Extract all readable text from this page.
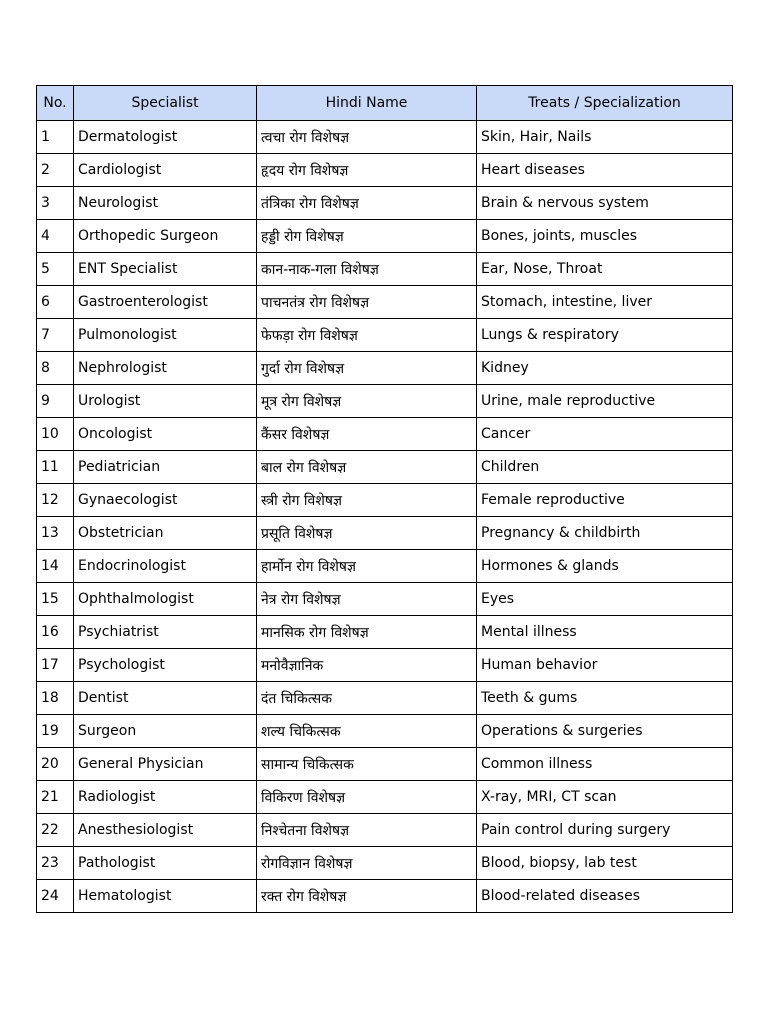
No.	Specialist	Hindi Name	Treats / Specialization
1	Dermatologist	त्वचा रोग विशेषज्ञ	Skin, Hair, Nails
2	Cardiologist	हृदय रोग विशेषज्ञ	Heart diseases
3	Neurologist	तंत्रिका रोग विशेषज्ञ	Brain & nervous system
4	Orthopedic Surgeon	हड्डी रोग विशेषज्ञ	Bones, joints, muscles
5	ENT Specialist	कान-नाक-गला विशेषज्ञ	Ear, Nose, Throat
6	Gastroenterologist	पाचनतंत्र रोग विशेषज्ञ	Stomach, intestine, liver
7	Pulmonologist	फेफड़ा रोग विशेषज्ञ	Lungs & respiratory
8	Nephrologist	गुर्दा रोग विशेषज्ञ	Kidney
9	Urologist	मूत्र रोग विशेषज्ञ	Urine, male reproductive
10	Oncologist	कैंसर विशेषज्ञ	Cancer
11	Pediatrician	बाल रोग विशेषज्ञ	Children
12	Gynaecologist	स्त्री रोग विशेषज्ञ	Female reproductive
13	Obstetrician	प्रसूति विशेषज्ञ	Pregnancy & childbirth
14	Endocrinologist	हार्मोन रोग विशेषज्ञ	Hormones & glands
15	Ophthalmologist	नेत्र रोग विशेषज्ञ	Eyes
16	Psychiatrist	मानसिक रोग विशेषज्ञ	Mental illness
17	Psychologist	मनोवैज्ञानिक	Human behavior
18	Dentist	दंत चिकित्सक	Teeth & gums
19	Surgeon	शल्य चिकित्सक	Operations & surgeries
20	General Physician	सामान्य चिकित्सक	Common illness
21	Radiologist	विकिरण विशेषज्ञ	X-ray, MRI, CT scan
22	Anesthesiologist	निश्चेतना विशेषज्ञ	Pain control during surgery
23	Pathologist	रोगविज्ञान विशेषज्ञ	Blood, biopsy, lab test
24	Hematologist	रक्त रोग विशेषज्ञ	Blood-related diseases
